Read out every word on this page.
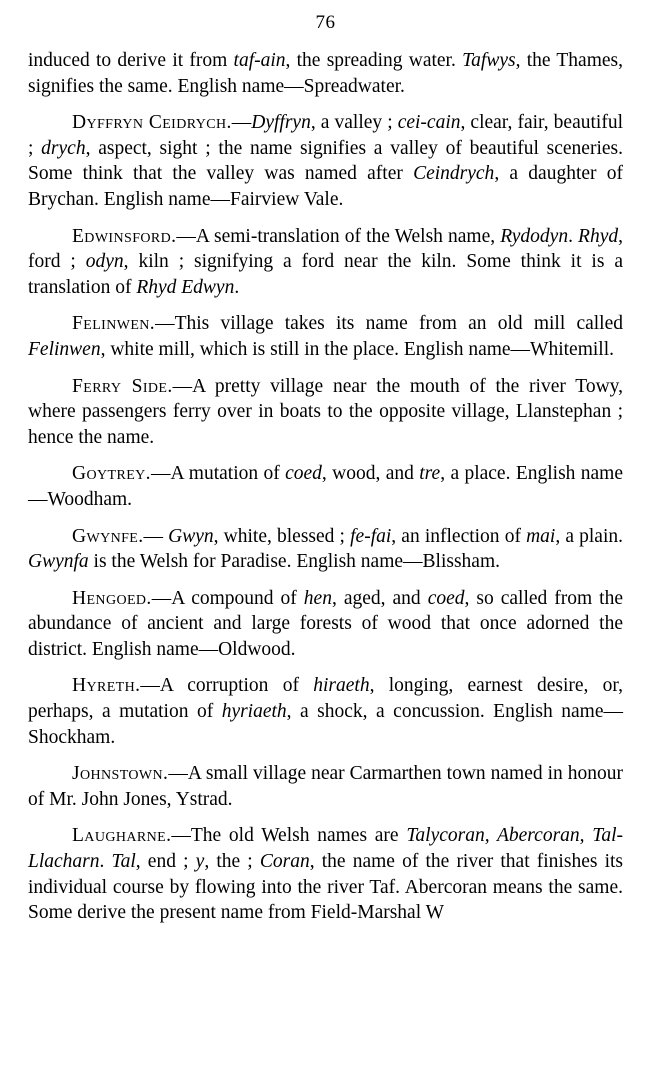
76

induced to derive it from taf-ain, the spreading water. Tafwys, the Thames, signifies the same. English name—Spreadwater.

Dyffryn Ceidrych.—Dyffryn, a valley ; cei-cain, clear, fair, beautiful ; drych, aspect, sight ; the name signifies a valley of beautiful sceneries. Some think that the valley was named after Ceindrych, a daughter of Brychan. English name—Fairview Vale.

Edwinsford.—A semi-translation of the Welsh name, Rydodyn. Rhyd, ford ; odyn, kiln ; signifying a ford near the kiln. Some think it is a translation of Rhyd Edwyn.

Felinwen.—This village takes its name from an old mill called Felinwen, white mill, which is still in the place. English name—Whitemill.

Ferry Side.—A pretty village near the mouth of the river Towy, where passengers ferry over in boats to the opposite village, Llanstephan ; hence the name.

Goytrey.—A mutation of coed, wood, and tre, a place. English name—Woodham.

Gwynfe.— Gwyn, white, blessed ; fe-fai, an inflection of mai, a plain. Gwynfa is the Welsh for Paradise. English name—Blissham.

Hengoed.—A compound of hen, aged, and coed, so called from the abundance of ancient and large forests of wood that once adorned the district. English name—Oldwood.

Hyreth.—A corruption of hiraeth, longing, earnest desire, or, perhaps, a mutation of hyriaeth, a shock, a concussion. English name—Shockham.

Johnstown.—A small village near Carmarthen town named in honour of Mr. John Jones, Ystrad.

Laugharne.—The old Welsh names are Talycoran, Abercoran, Tal-Llacharn. Tal, end ; y, the ; Coran, the name of the river that finishes its individual course by flowing into the river Taf. Abercoran means the same. Some derive the present name from Field-Marshal W
